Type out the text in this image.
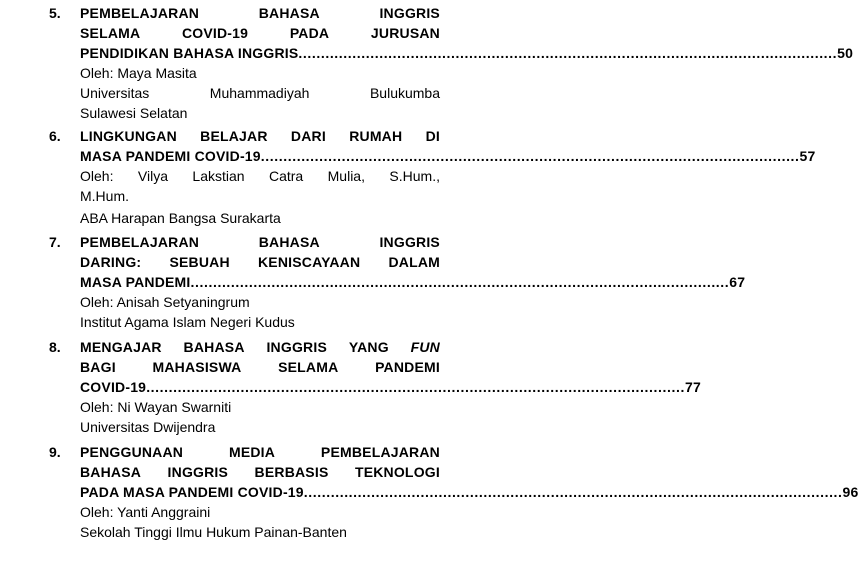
5. PEMBELAJARAN	BAHASA	INGGRIS
SELAMA	COVID-19	PADA	JURUSAN
PENDIDIKAN BAHASA INGGRIS ........................................................................................................................ 50
Oleh: Maya Masita
Universitas	Muhammadiyah	Bulukumba
Sulawesi Selatan
6. LINGKUNGAN BELAJAR DARI RUMAH DI
MASA PANDEMI COVID-19 ........................................................................................................................ 57
Oleh: Vilya Lakstian Catra Mulia, S.Hum.,
M.Hum.
ABA Harapan Bangsa Surakarta
7. PEMBELAJARAN	BAHASA	INGGRIS
DARING: SEBUAH KENISCAYAAN DALAM
MASA PANDEMI ........................................................................................................................ 67
Oleh: Anisah Setyaningrum
Institut Agama Islam Negeri Kudus
8. MENGAJAR BAHASA INGGRIS YANG FUN
BAGI	MAHASISWA	SELAMA	PANDEMI
COVID-19 ........................................................................................................................ 77
Oleh: Ni Wayan Swarniti
Universitas Dwijendra
9. PENGGUNAAN	MEDIA	PEMBELAJARAN
BAHASA INGGRIS BERBASIS TEKNOLOGI
PADA MASA PANDEMI COVID-19 ........................................................................................................................ 96
Oleh: Yanti Anggraini
Sekolah Tinggi Ilmu Hukum Painan-Banten
